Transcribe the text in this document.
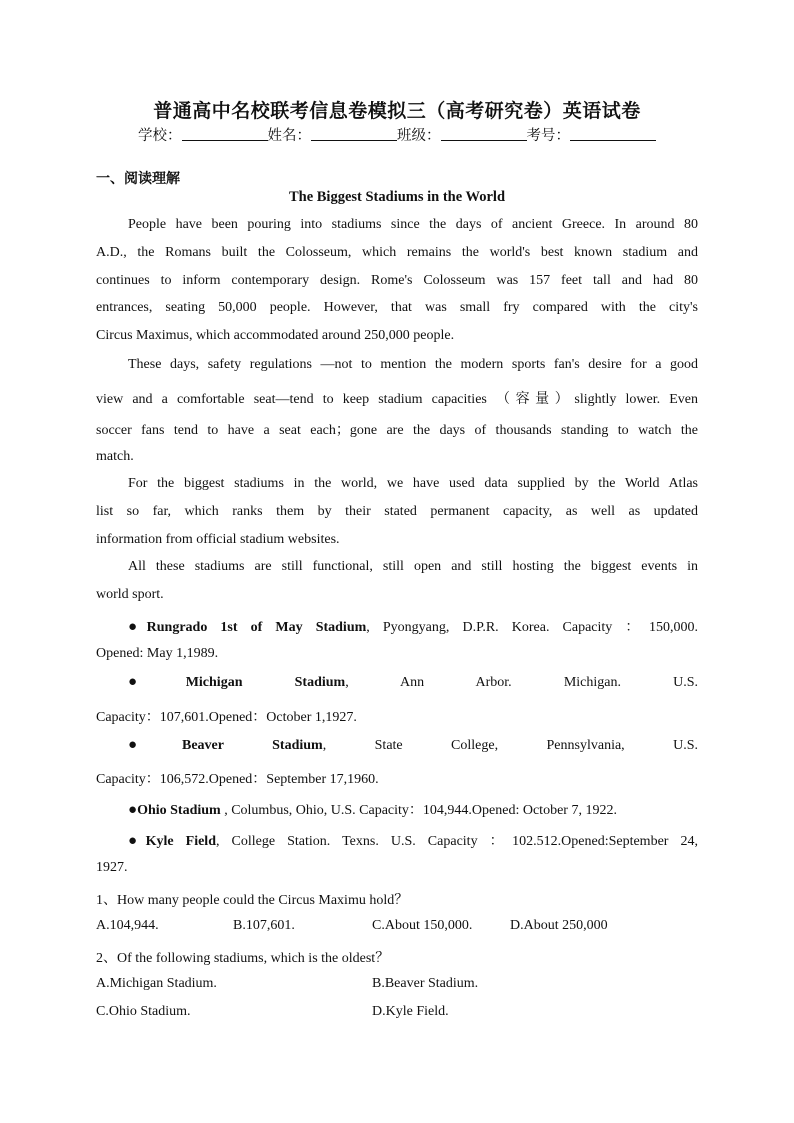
普通高中名校联考信息卷模拟三（高考研究卷）英语试卷
学校：	姓名：	班级：	考号：
一、阅读理解
The Biggest Stadiums in the World
People have been pouring into stadiums since the days of ancient Greece. In around 80
A.D., the Romans built the Colosseum, which remains the world's best known stadium and
continues to inform contemporary design. Rome's Colosseum was 157 feet tall and had 80
entrances, seating 50,000 people. However, that was small fry compared with the city's
Circus Maximus, which accommodated around 250,000 people.
These days, safety regulations —not to mention the modern sports fan's desire for a good
view and a comfortable seat—tend to keep stadium capacities （容量）slightly lower. Even
soccer fans tend to have a seat each；gone are the days of thousands standing to watch the
match.
For the biggest stadiums in the world, we have used data supplied by the World Atlas
list so far, which ranks them by their stated permanent capacity, as well as updated
information from official stadium websites.
All these stadiums are still functional, still open and still hosting the biggest events in
world sport.
●Rungrado 1st of May Stadium, Pyongyang, D.P.R. Korea. Capacity ：150,000.
Opened: May 1,1989.
●Michigan Stadium, Ann Arbor. Michigan. U.S.
Capacity：107,601.Opened：October 1,1927.
●Beaver Stadium, State College, Pennsylvania, U.S.
Capacity：106,572.Opened：September 17,1960.
●Ohio Stadium , Columbus, Ohio, U.S. Capacity：104,944.Opened: October 7, 1922.
●Kyle Field, College Station. Texns. U.S. Capacity ：102.512.Opened:September 24,
1927.
1、How many people could the Circus Maximu hold？
A.104,944.	B.107,601.	C.About 150,000.	D.About 250,000
2、Of the following stadiums, which is the oldest？
A.Michigan Stadium.	B.Beaver Stadium.
C.Ohio Stadium.	D.Kyle Field.
